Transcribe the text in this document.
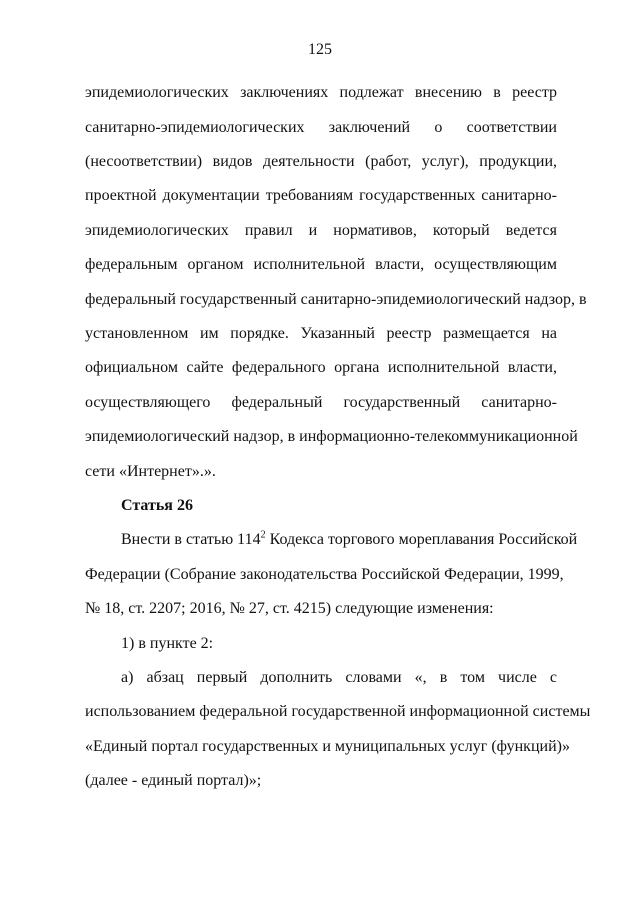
125
эпидемиологических заключениях подлежат внесению в реестр
санитарно-эпидемиологических заключений о соответствии
(несоответствии) видов деятельности (работ, услуг), продукции,
проектной документации требованиям государственных санитарно-
эпидемиологических правил и нормативов, который ведется
федеральным органом исполнительной власти, осуществляющим
федеральный государственный санитарно-эпидемиологический надзор, в
установленном им порядке. Указанный реестр размещается на
официальном сайте федерального органа исполнительной власти,
осуществляющего федеральный государственный санитарно-
эпидемиологический надзор, в информационно-телекоммуникационной
сети «Интернет».».
Статья 26
Внести в статью $114^2$ Кодекса торгового мореплавания Российской
Федерации (Собрание законодательства Российской Федерации, 1999,
№ 18, ст. 2207; 2016, № 27, ст. 4215) следующие изменения:
1) в пункте 2:
а) абзац первый дополнить словами «, в том числе с
использованием федеральной государственной информационной системы
«Единый портал государственных и муниципальных услуг (функций)»
(далее - единый портал)»;
